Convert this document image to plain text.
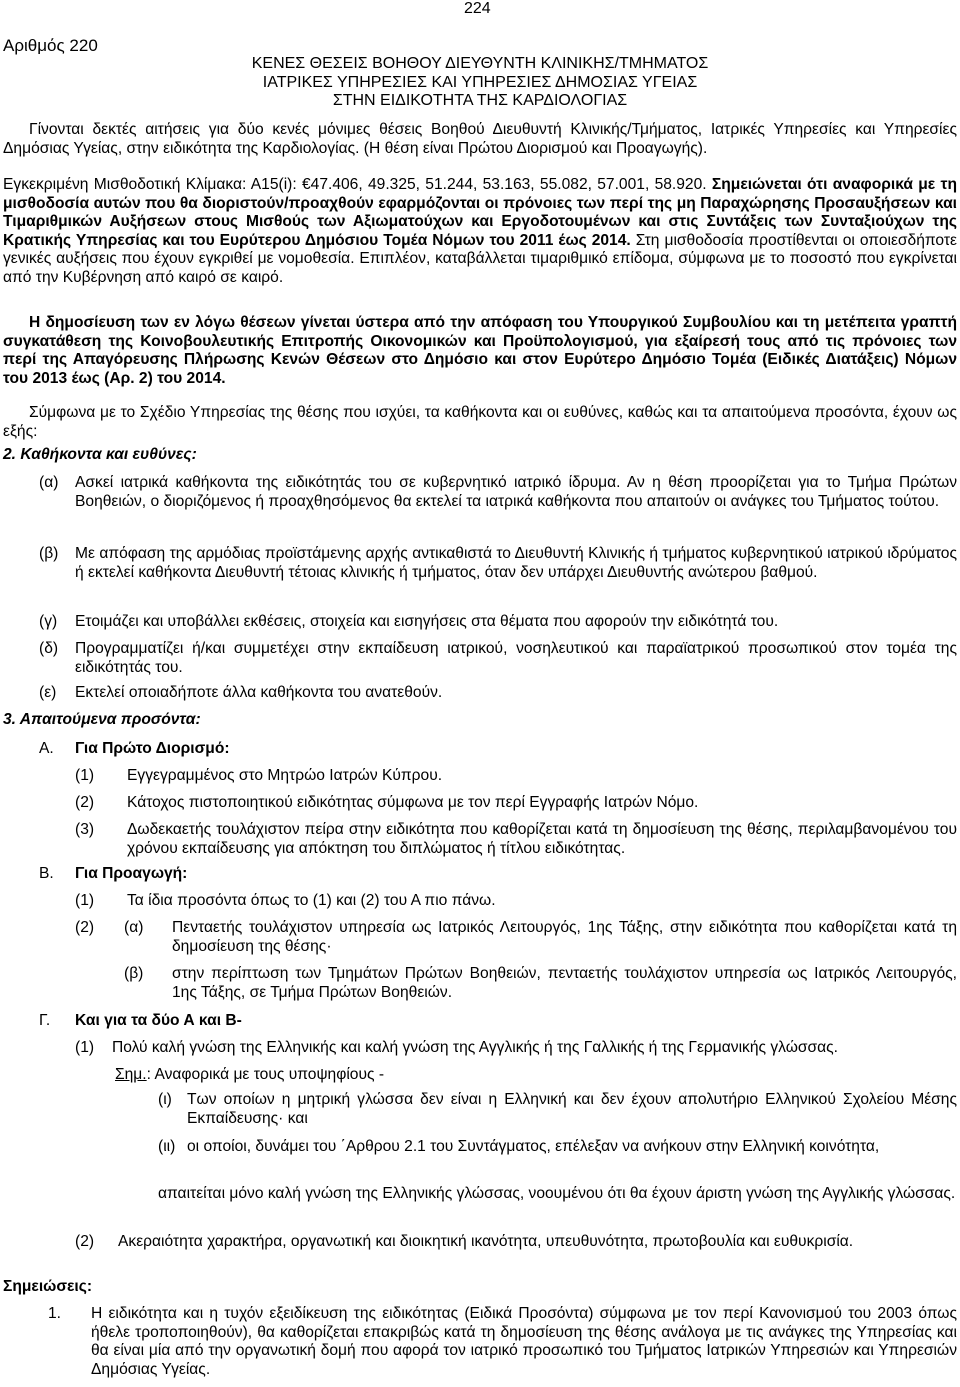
224
Αριθμός 220
ΚΕΝΕΣ ΘΕΣΕΙΣ ΒΟΗΘΟΥ ΔΙΕΥΘΥΝΤΗ ΚΛΙΝΙΚΗΣ/ΤΜΗΜΑΤΟΣ
ΙΑΤΡΙΚΕΣ ΥΠΗΡΕΣΙΕΣ ΚΑΙ ΥΠΗΡΕΣΙΕΣ ΔΗΜΟΣΙΑΣ ΥΓΕΙΑΣ
ΣΤΗΝ ΕΙΔΙΚΟΤΗΤΑ ΤΗΣ ΚΑΡΔΙΟΛΟΓΙΑΣ
Γίνονται δεκτές αιτήσεις για δύο κενές μόνιμες θέσεις Βοηθού Διευθυντή Κλινικής/Τμήματος, Ιατρικές Υπηρεσίες και Υπηρεσίες Δημόσιας Υγείας, στην ειδικότητα της Καρδιολογίας. (Η θέση είναι Πρώτου Διορισμού και Προαγωγής).
Εγκεκριμένη Μισθοδοτική Κλίμακα: Α15(i): €47.406, 49.325, 51.244, 53.163, 55.082, 57.001, 58.920. Σημειώνεται ότι αναφορικά με τη μισθοδοσία αυτών που θα διοριστούν/προαχθούν εφαρμόζονται οι πρόνοιες των περί της μη Παραχώρησης Προσαυξήσεων και Τιμαριθμικών Αυξήσεων στους Μισθούς των Αξιωματούχων και Εργοδοτουμένων και στις Συντάξεις των Συνταξιούχων της Κρατικής Υπηρεσίας και του Ευρύτερου Δημόσιου Τομέα Νόμων του 2011 έως 2014. Στη μισθοδοσία προστίθενται οι οποιεσδήποτε γενικές αυξήσεις που έχουν εγκριθεί με νομοθεσία. Επιπλέον, καταβάλλεται τιμαριθμικό επίδομα, σύμφωνα με το ποσοστό που εγκρίνεται από την Κυβέρνηση από καιρό σε καιρό.
Η δημοσίευση των εν λόγω θέσεων γίνεται ύστερα από την απόφαση του Υπουργικού Συμβουλίου και τη μετέπειτα γραπτή συγκατάθεση της Κοινοβουλευτικής Επιτροπής Οικονομικών και Προϋπολογισμού, για εξαίρεσή τους από τις πρόνοιες των περί της Απαγόρευσης Πλήρωσης Κενών Θέσεων στο Δημόσιο και στον Ευρύτερο Δημόσιο Τομέα (Ειδικές Διατάξεις) Νόμων του 2013 έως (Αρ. 2) του 2014.
Σύμφωνα με το Σχέδιο Υπηρεσίας της θέσης που ισχύει, τα καθήκοντα και οι ευθύνες, καθώς και τα απαιτούμενα προσόντα, έχουν ως εξής:
2. Καθήκοντα και ευθύνες:
(α) Ασκεί ιατρικά καθήκοντα της ειδικότητάς του σε κυβερνητικό ιατρικό ίδρυμα. Αν η θέση προορίζεται για το Τμήμα Πρώτων Βοηθειών, ο διοριζόμενος ή προαχθησόμενος θα εκτελεί τα ιατρικά καθήκοντα που απαιτούν οι ανάγκες του Τμήματος τούτου.
(β) Με απόφαση της αρμόδιας προϊστάμενης αρχής αντικαθιστά το Διευθυντή Κλινικής ή τμήματος κυβερνητικού ιατρικού ιδρύματος ή εκτελεί καθήκοντα Διευθυντή τέτοιας κλινικής ή τμήματος, όταν δεν υπάρχει Διευθυντής ανώτερου βαθμού.
(γ) Ετοιμάζει και υποβάλλει εκθέσεις, στοιχεία και εισηγήσεις στα θέματα που αφορούν την ειδικότητά του.
(δ) Προγραμματίζει ή/και συμμετέχει στην εκπαίδευση ιατρικού, νοσηλευτικού και παραϊατρικού προσωπικού στον τομέα της ειδικότητάς του.
(ε) Εκτελεί οποιαδήποτε άλλα καθήκοντα του ανατεθούν.
3. Απαιτούμενα προσόντα:
Α. Για Πρώτο Διορισμό:
(1) Εγγεγραμμένος στο Μητρώο Ιατρών Κύπρου.
(2) Κάτοχος πιστοποιητικού ειδικότητας σύμφωνα με τον περί Εγγραφής Ιατρών Νόμο.
(3) Δωδεκαετής τουλάχιστον πείρα στην ειδικότητα που καθορίζεται κατά τη δημοσίευση της θέσης, περιλαμβανομένου του χρόνου εκπαίδευσης για απόκτηση του διπλώματος ή τίτλου ειδικότητας.
Β. Για Προαγωγή:
(1) Τα ίδια προσόντα όπως το (1) και (2) του Α πιο πάνω.
(2) (α) Πενταετής τουλάχιστον υπηρεσία ως Ιατρικός Λειτουργός, 1ης Τάξης, στην ειδικότητα που καθορίζεται κατά τη δημοσίευση της θέσης·
(β) στην περίπτωση των Τμημάτων Πρώτων Βοηθειών, πενταετής τουλάχιστον υπηρεσία ως Ιατρικός Λειτουργός, 1ης Τάξης, σε Τμήμα Πρώτων Βοηθειών.
Γ. Και για τα δύο Α και Β-
(1) Πολύ καλή γνώση της Ελληνικής και καλή γνώση της Αγγλικής ή της Γαλλικής ή της Γερμανικής γλώσσας.
Σημ.: Αναφορικά με τους υποψηφίους -
(ι) Των οποίων η μητρική γλώσσα δεν είναι η Ελληνική και δεν έχουν απολυτήριο Ελληνικού Σχολείου Μέσης Εκπαίδευσης· και
(ιι) οι οποίοι, δυνάμει του ΄Αρθρου 2.1 του Συντάγματος, επέλεξαν να ανήκουν στην Ελληνική κοινότητα,
απαιτείται μόνο καλή γνώση της Ελληνικής γλώσσας, νοουμένου ότι θα έχουν άριστη γνώση της Αγγλικής γλώσσας.
(2) Ακεραιότητα χαρακτήρα, οργανωτική και διοικητική ικανότητα, υπευθυνότητα, πρωτοβουλία και ευθυκρισία.
Σημειώσεις:
1. Η ειδικότητα και η τυχόν εξειδίκευση της ειδικότητας (Ειδικά Προσόντα) σύμφωνα με τον περί Κανονισμού του 2003 όπως ήθελε τροποποιηθούν), θα καθορίζεται επακριβώς κατά τη δημοσίευση της θέσης ανάλογα με τις ανάγκες της Υπηρεσίας και θα είναι μία από την οργανωτική δομή που αφορά τον ιατρικό προσωπικό του Τμήματος Ιατρικών Υπηρεσιών και Υπηρεσιών Δημόσιας Υγείας.
